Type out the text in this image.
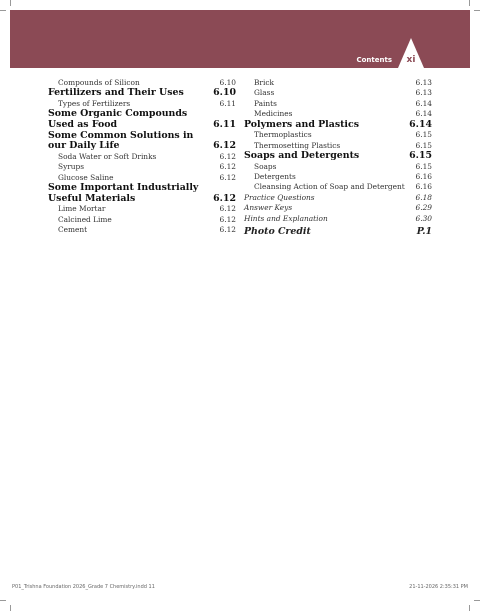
Contents	xi
Compounds of Silicon	6.10
Fertilizers and Their Uses	6.10
Types of Fertilizers	6.11
Some Organic Compounds
Used as Food	6.11
Some Common Solutions in
our Daily Life	6.12
Soda Water or Soft Drinks	6.12
Syrups	6.12
Glucose Saline	6.12
Some Important Industrially
Useful Materials	6.12
Lime Mortar	6.12
Calcined Lime	6.12
Cement	6.12
Brick	6.13
Glass	6.13
Paints	6.14
Medicines	6.14
Polymers and Plastics	6.14
Thermoplastics	6.15
Thermosetting Plastics	6.15
Soaps and Detergents	6.15
Soaps	6.15
Detergents	6.16
Cleansing Action of Soap and Detergent 6.16
Practice Questions	6.18
Answer Keys	6.29
Hints and Explanation	6.30
Photo Credit	P.1
P01_Trishna Foundation 2026_Grade 7 Chemistry.indd 11	21-11-2026 2:35:31 PM
